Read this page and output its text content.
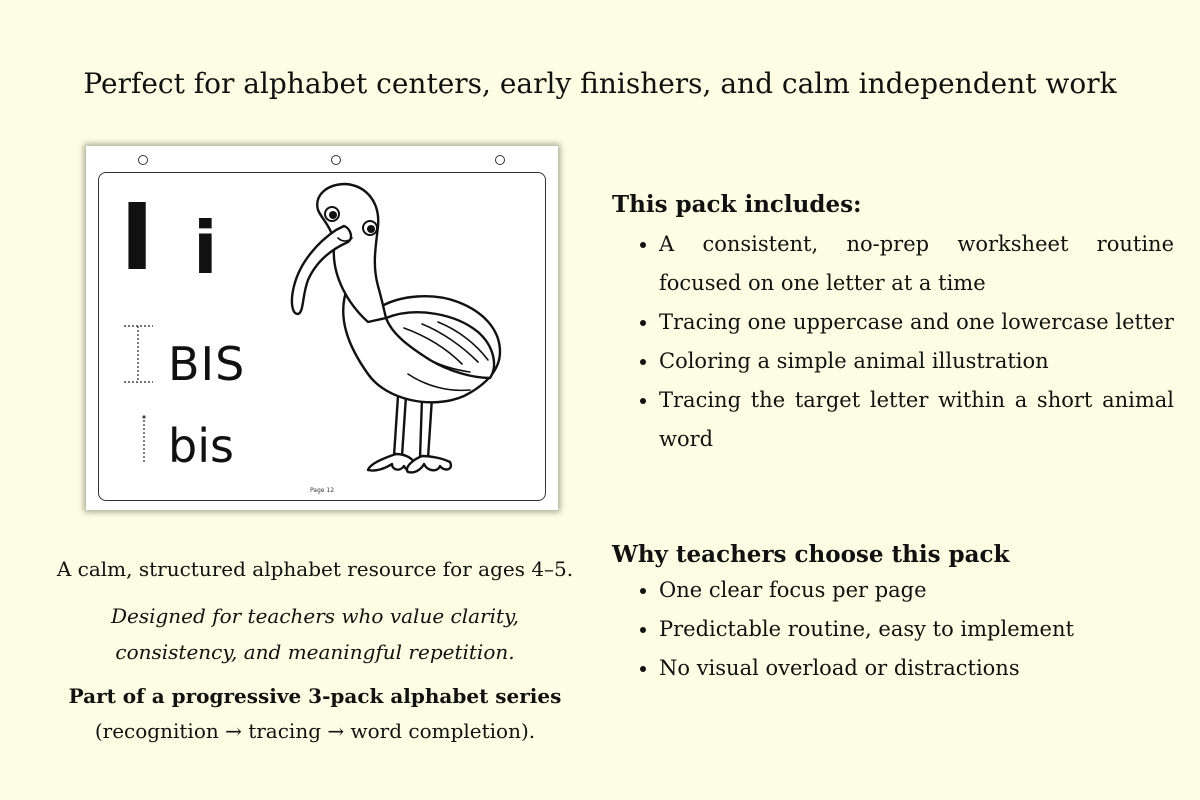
Perfect for alphabet centers, early finishers, and calm independent work
I i
BIS
bis
Page 12
A calm, structured alphabet resource for ages 4–5.
Designed for teachers who value clarity,
consistency, and meaningful repetition.
Part of a progressive 3-pack alphabet series
(recognition → tracing → word completion).
This pack includes:
• A consistent, no-prep worksheet routine focused on one letter at a time
• Tracing one uppercase and one lowercase letter
• Coloring a simple animal illustration
• Tracing the target letter within a short animal word
Why teachers choose this pack
• One clear focus per page
• Predictable routine, easy to implement
• No visual overload or distractions
